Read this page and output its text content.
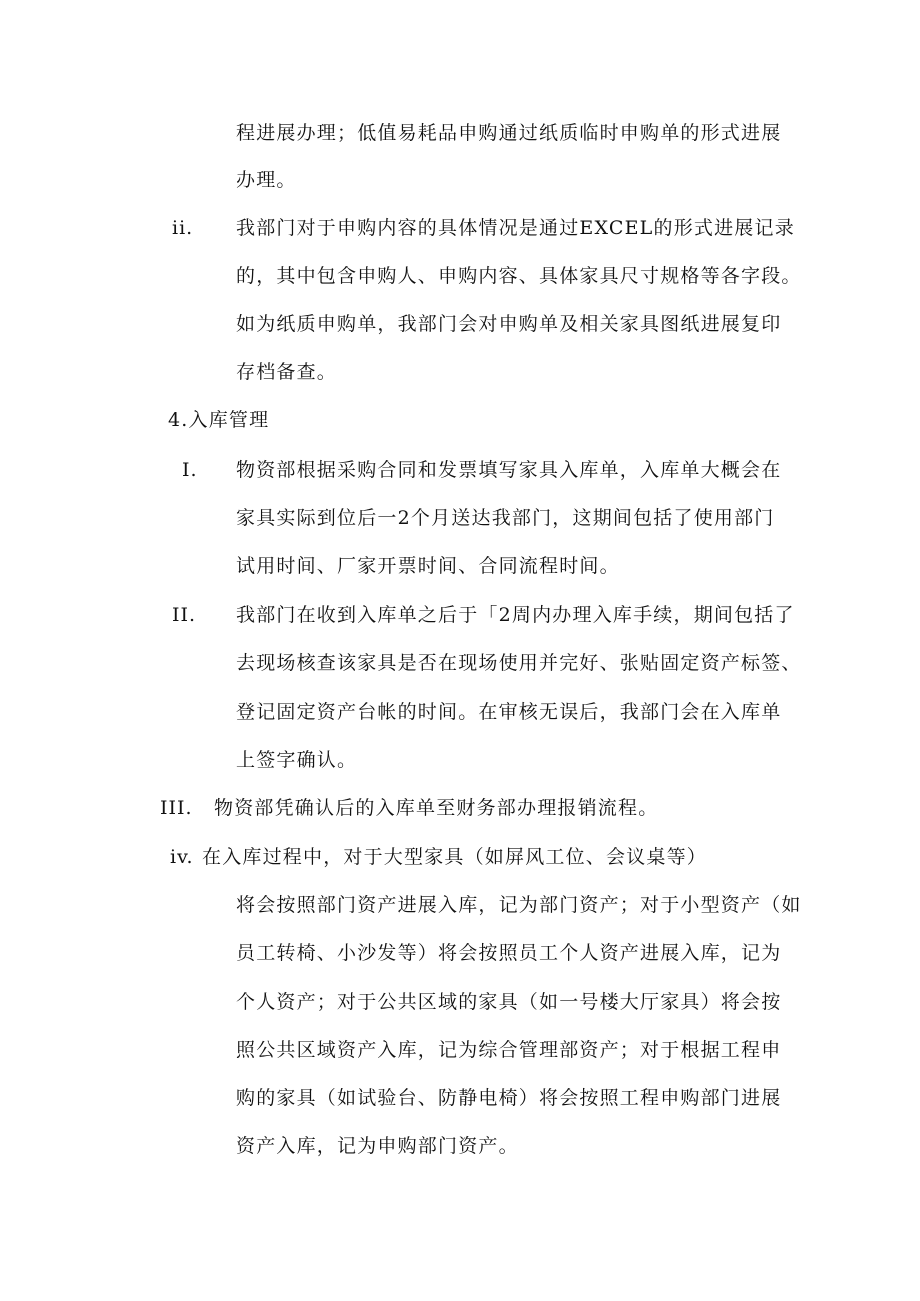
程进展办理；低值易耗品申购通过纸质临时申购单的形式进展
办理。
ii. 我部门对于申购内容的具体情况是通过EXCEL的形式进展记录
的，其中包含申购人、申购内容、具体家具尺寸规格等各字段。
如为纸质申购单，我部门会对申购单及相关家具图纸进展复印
存档备查。
4.入库管理
I. 物资部根据采购合同和发票填写家具入库单，入库单大概会在
家具实际到位后一2个月送达我部门，这期间包括了使用部门
试用时间、厂家开票时间、合同流程时间。
II. 我部门在收到入库单之后于「2周内办理入库手续，期间包括了
去现场核查该家具是否在现场使用并完好、张贴固定资产标签、
登记固定资产台帐的时间。在审核无误后，我部门会在入库单
上签字确认。
III. 物资部凭确认后的入库单至财务部办理报销流程。
iv. 在入库过程中，对于大型家具（如屏风工位、会议桌等）
将会按照部门资产进展入库，记为部门资产；对于小型资产（如
员工转椅、小沙发等）将会按照员工个人资产进展入库，记为
个人资产；对于公共区域的家具（如一号楼大厅家具）将会按
照公共区域资产入库，记为综合管理部资产；对于根据工程申
购的家具（如试验台、防静电椅）将会按照工程申购部门进展
资产入库，记为申购部门资产。
